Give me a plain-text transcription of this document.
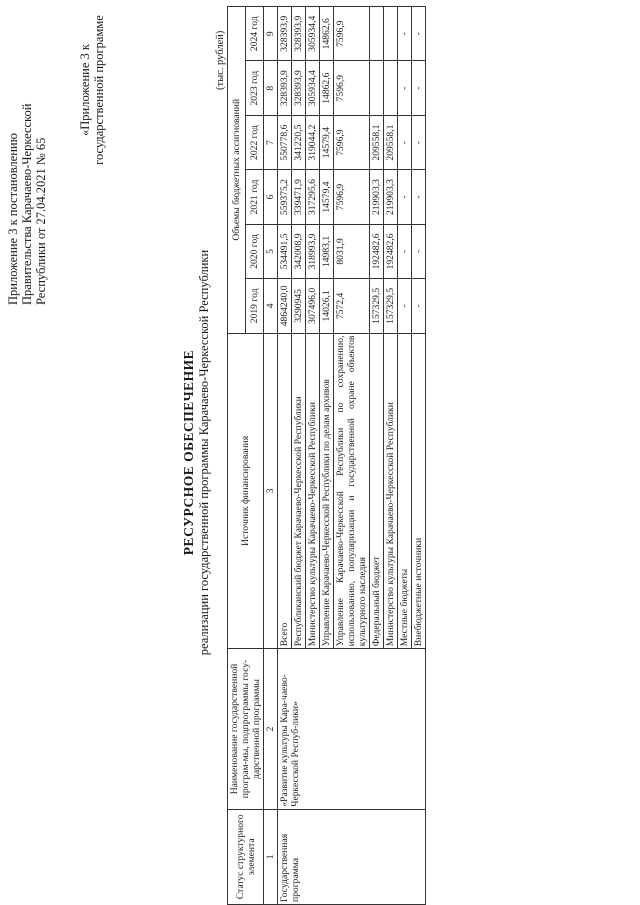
Приложение 3 к постановлению Правительства Карачаево-Черкесской Республики от 27.04.2021 № 65
«Приложение 3 к государственной программе
РЕСУРСНОЕ ОБЕСПЕЧЕНИЕ реализации государственной программы Карачаево-Черкесской Республики
(тыс. рублей)
Статус структурного элемента	Наименование государственной програм-мы, подпрограммы госу-дарственной программы	Источник финансирования	Объемы бюджетных ассигнований					
			2019 год	2020 год	2021 год	2022 год	2023 год	2024 год
1	2	3	4	5	6	7	8	9
Государственная программа	«Развитие культуры Кара-чаево-Черкесской Респуб-лики»	Всего	4864240,0	534491,5	559375,2	550778,6	328393,9	328393,9
		Республиканский бюджет Карачаево-Черкесской Республики	3290945	342008,9	339471,9	341220,5	328393,9	328393,9
		Министерство культуры Карачаево-Черкесской Республики	307496,0	318993,9	317295,6	319044,2	305934,4	305934,4
		Управление Карачаево-Черкесской Республики по делам архивов	14026,1	14983,1	14579,4	14579,4	14862,6	14862,6
		Управление Карачаево-Черкесской Республики по сохранению, использованию, популяризации и государственной охране объектов культурного наследия	7572,4	8031,9	7596,9	7596,9	7596,9	7596,9
		Федеральный бюджет	157329,5	192482,6	219903,3	209558,1		
		Министерство культуры Карачаево-Черкесской Республики	157329,5	192482,6	219903,3	209558,1		
		Местные бюджеты	-	-	-	-	-	-
		Внебюджетные источники	-	-	-	-	-	-
